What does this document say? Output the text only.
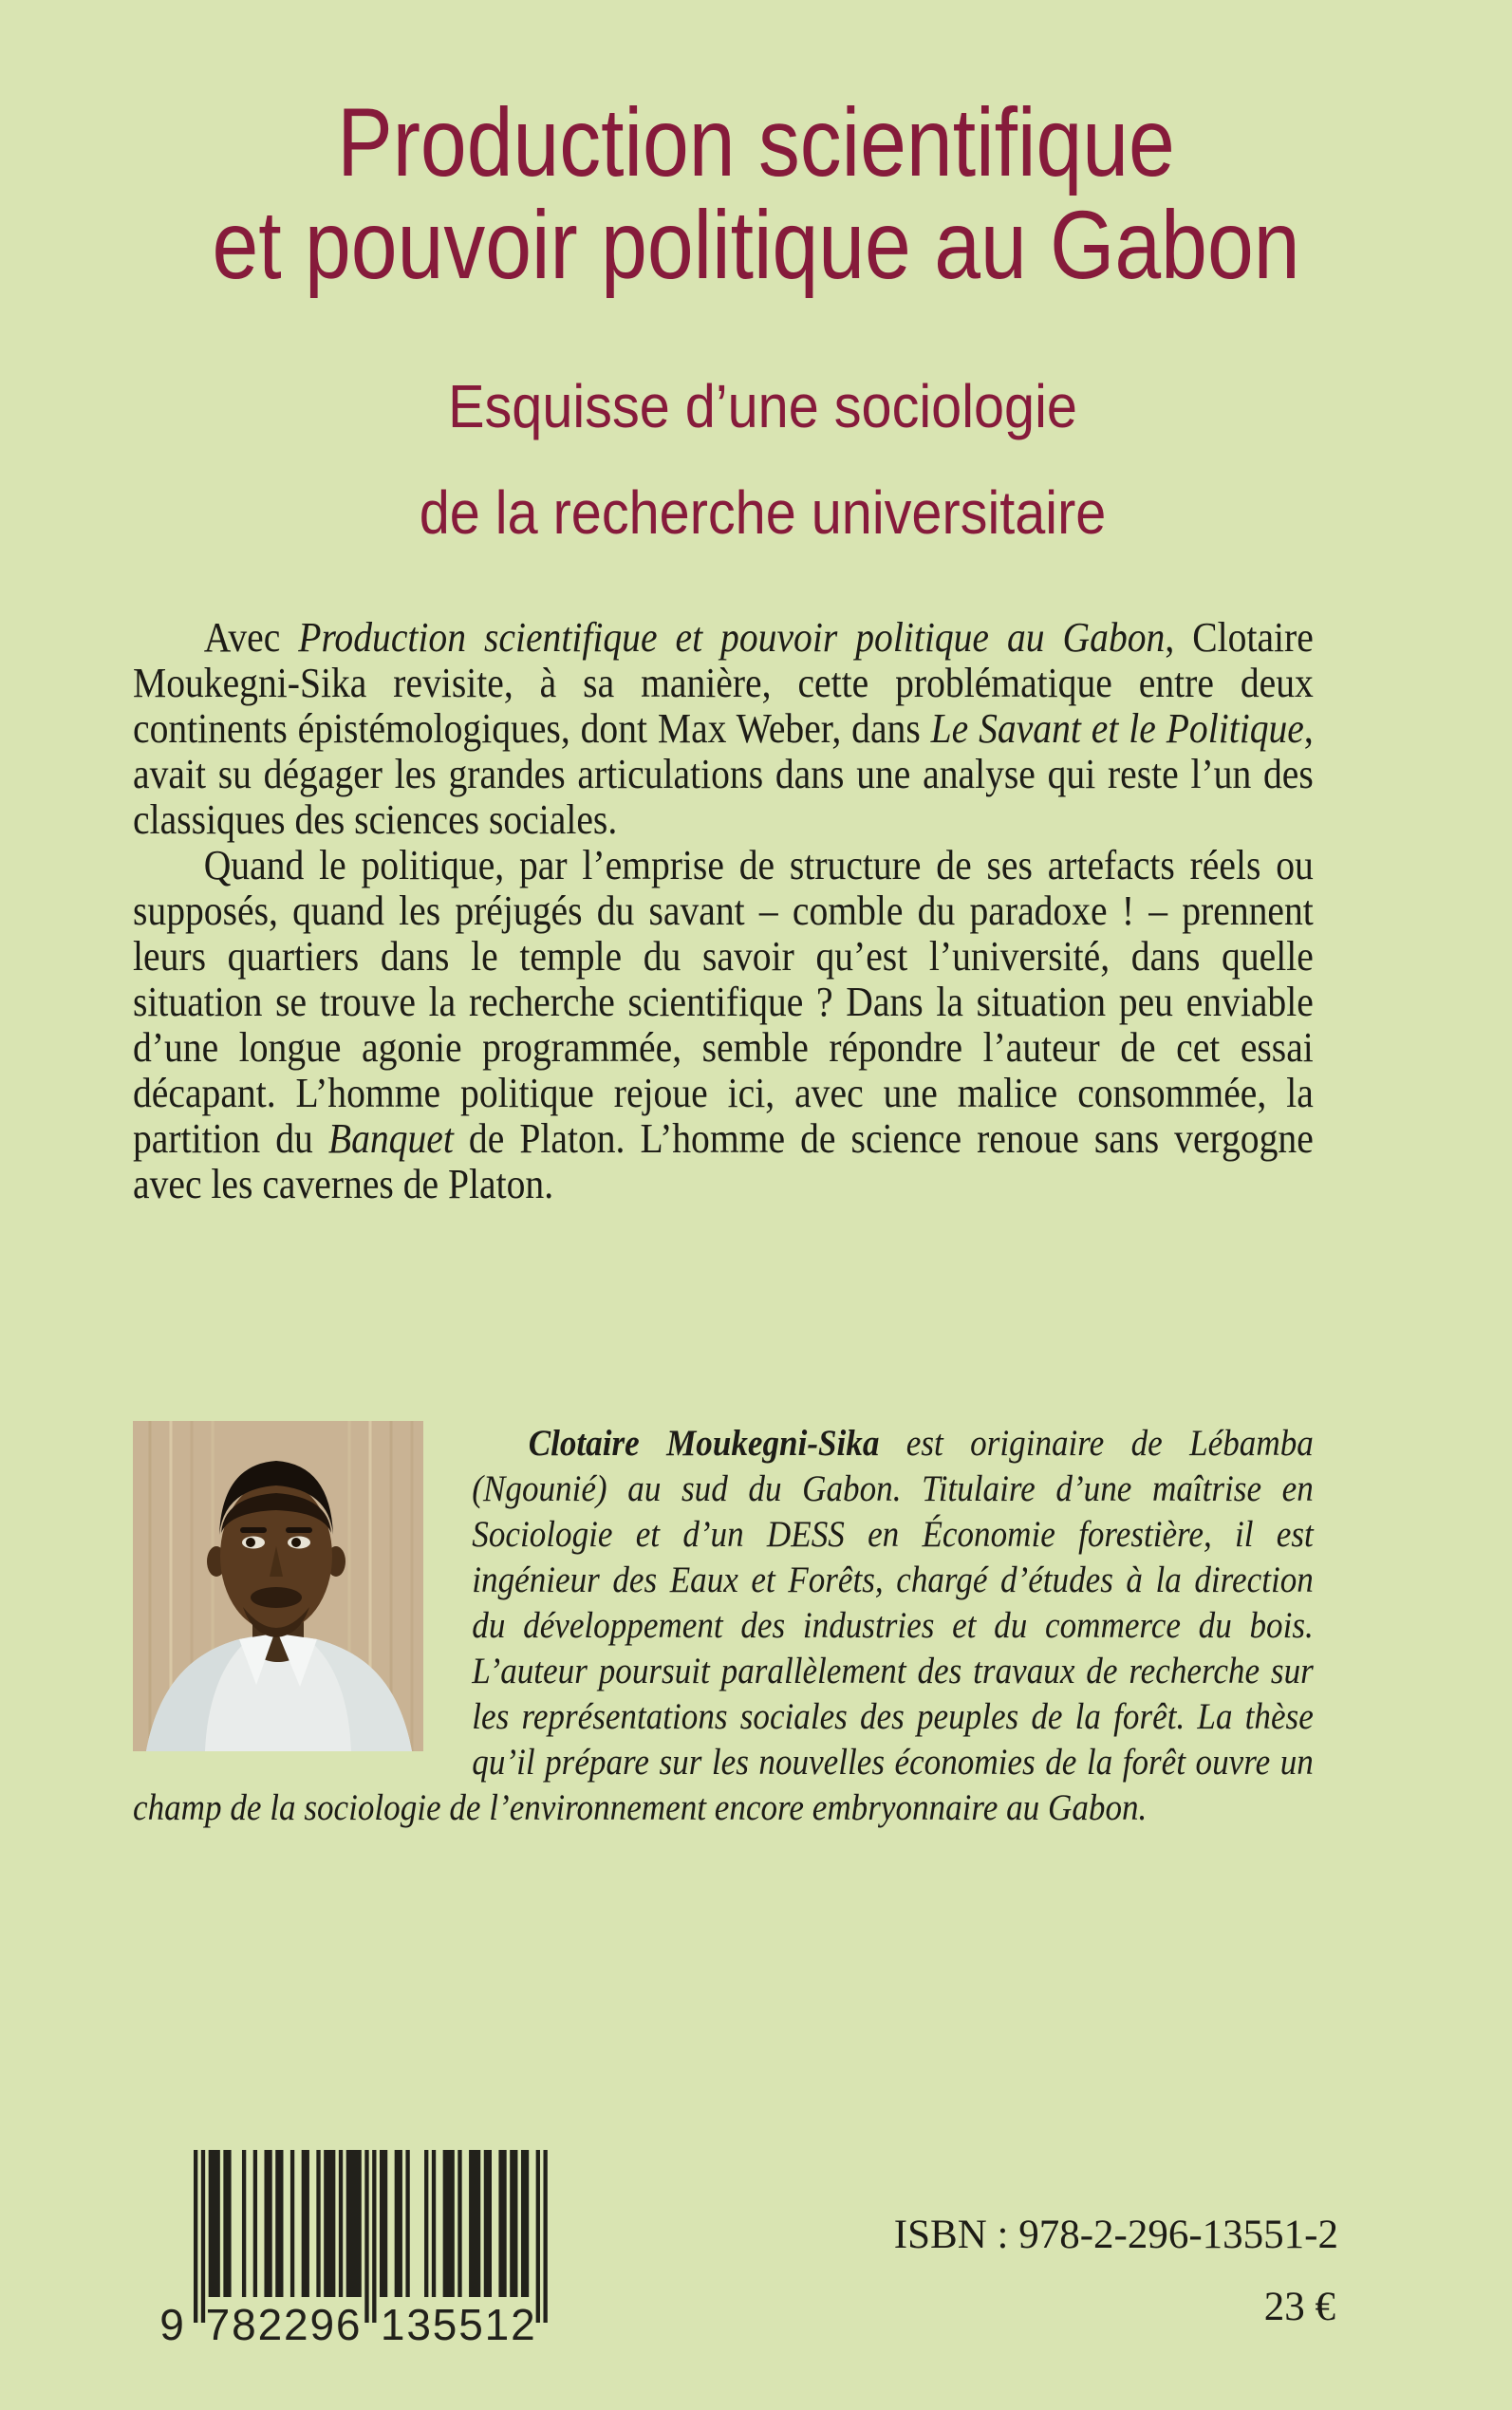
Production scientifique
et pouvoir politique au Gabon
Esquisse d’une sociologie
de la recherche universitaire

Avec Production scientifique et pouvoir politique au Gabon, Clotaire Moukegni-Sika revisite, à sa manière, cette problématique entre deux continents épistémologiques, dont Max Weber, dans Le Savant et le Politique, avait su dégager les grandes articulations dans une analyse qui reste l’un des classiques des sciences sociales.

Quand le politique, par l’emprise de structure de ses artefacts réels ou supposés, quand les préjugés du savant – comble du paradoxe ! – prennent leurs quartiers dans le temple du savoir qu’est l’université, dans quelle situation se trouve la recherche scientifique ? Dans la situation peu enviable d’une longue agonie programmée, semble répondre l’auteur de cet essai décapant. L’homme politique rejoue ici, avec une malice consommée, la partition du Banquet de Platon. L’homme de science renoue sans vergogne avec les cavernes de Platon.

Clotaire Moukegni-Sika est originaire de Lébamba (Ngounié) au sud du Gabon. Titulaire d’une maîtrise en Sociologie et d’un DESS en Économie forestière, il est ingénieur des Eaux et Forêts, chargé d’études à la direction du développement des industries et du commerce du bois. L’auteur poursuit parallèlement des travaux de recherche sur les représentations sociales des peuples de la forêt. La thèse qu’il prépare sur les nouvelles économies de la forêt ouvre un champ de la sociologie de l’environnement encore embryonnaire au Gabon.

9 7 8 2 2 9 6 1 3 5 5 1 2
ISBN : 978-2-296-13551-2
23 €
